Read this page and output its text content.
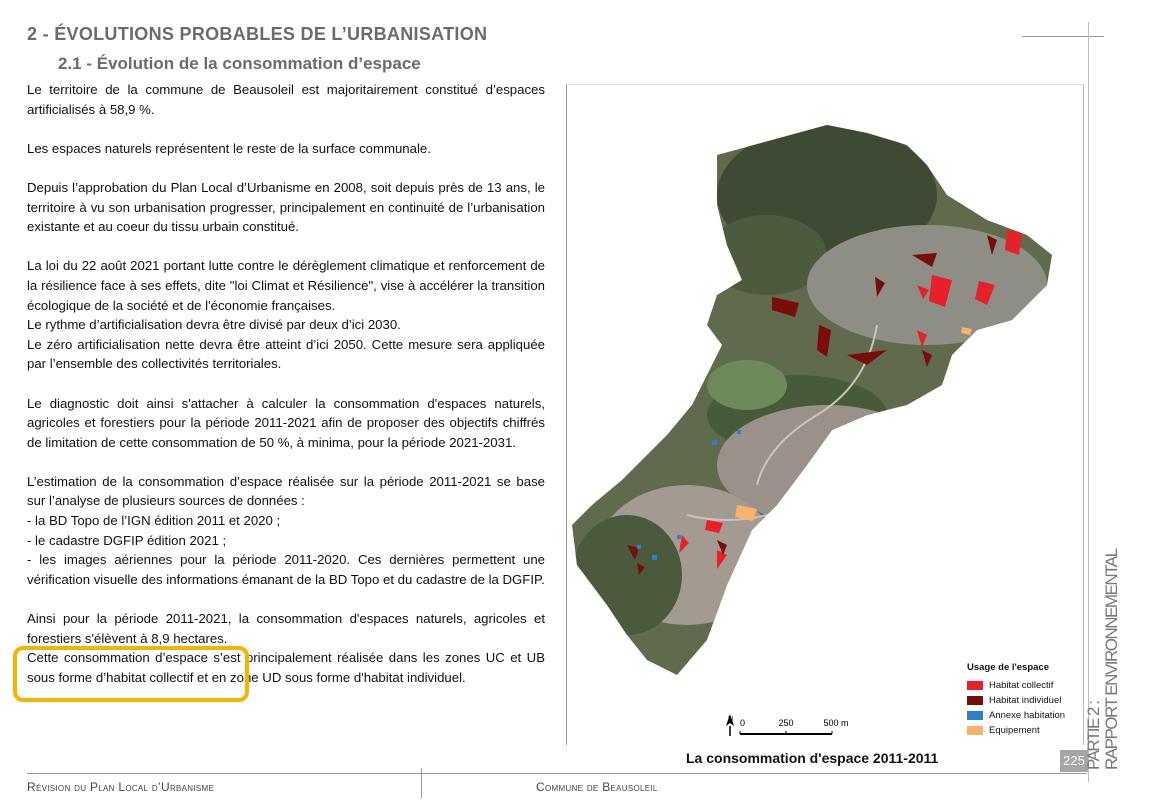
2 - ÉVOLUTIONS PROBABLES DE L’URBANISATION
2.1 - Évolution de la consommation d’espace

Le territoire de la commune de Beausoleil est majoritairement constitué d’espaces artificialisés à 58,9 %.

Les espaces naturels représentent le reste de la surface communale.

Depuis l’approbation du Plan Local d’Urbanisme en 2008, soit depuis près de 13 ans, le territoire à vu son urbanisation progresser, principalement en continuité de l’urbanisation existante et au coeur du tissu urbain constitué.

La loi du 22 août 2021 portant lutte contre le dérèglement climatique et renforcement de la résilience face à ses effets, dite "loi Climat et Résilience", vise à accélérer la transition écologique de la société et de l'économie françaises.

Le rythme d’artificialisation devra être divisé par deux d’ici 2030.

Le zéro artificialisation nette devra être atteint d’ici 2050. Cette mesure sera appliquée par l’ensemble des collectivités territoriales.

Le diagnostic doit ainsi s'attacher à calculer la consommation d'espaces naturels, agricoles et forestiers pour la période 2011-2021 afin de proposer des objectifs chiffrés de limitation de cette consommation de 50 %, à minima, pour la période 2021-2031.

L’estimation de la consommation d’espace réalisée sur la période 2011-2021 se base sur l’analyse de plusieurs sources de données :

- la BD Topo de l’IGN édition 2011 et 2020 ;

- le cadastre DGFIP édition 2021 ;

- les images aériennes pour la période 2011-2020. Ces dernières permettent une vérification visuelle des informations émanant de la BD Topo et du cadastre de la DGFIP.

Ainsi pour la période 2011-2021, la consommation d'espaces naturels, agricoles et forestiers s'élèvent à 8,9 hectares.

Cette consommation d’espace s’est principalement réalisée dans les zones UC et UB sous forme d’habitat collectif et en zone UD sous forme d'habitat individuel.

Usage de l'espace
Habitat collectif
Habitat individuel
Annexe habitation
Equipement
N 0	250	500 m
La consommation d'espace 2011-2011	225 PARTIE 2 : RAPPORT ENVIRONNEMENTAL
Révision du Plan Local d’Urbanisme	Commune de Beausoleil
